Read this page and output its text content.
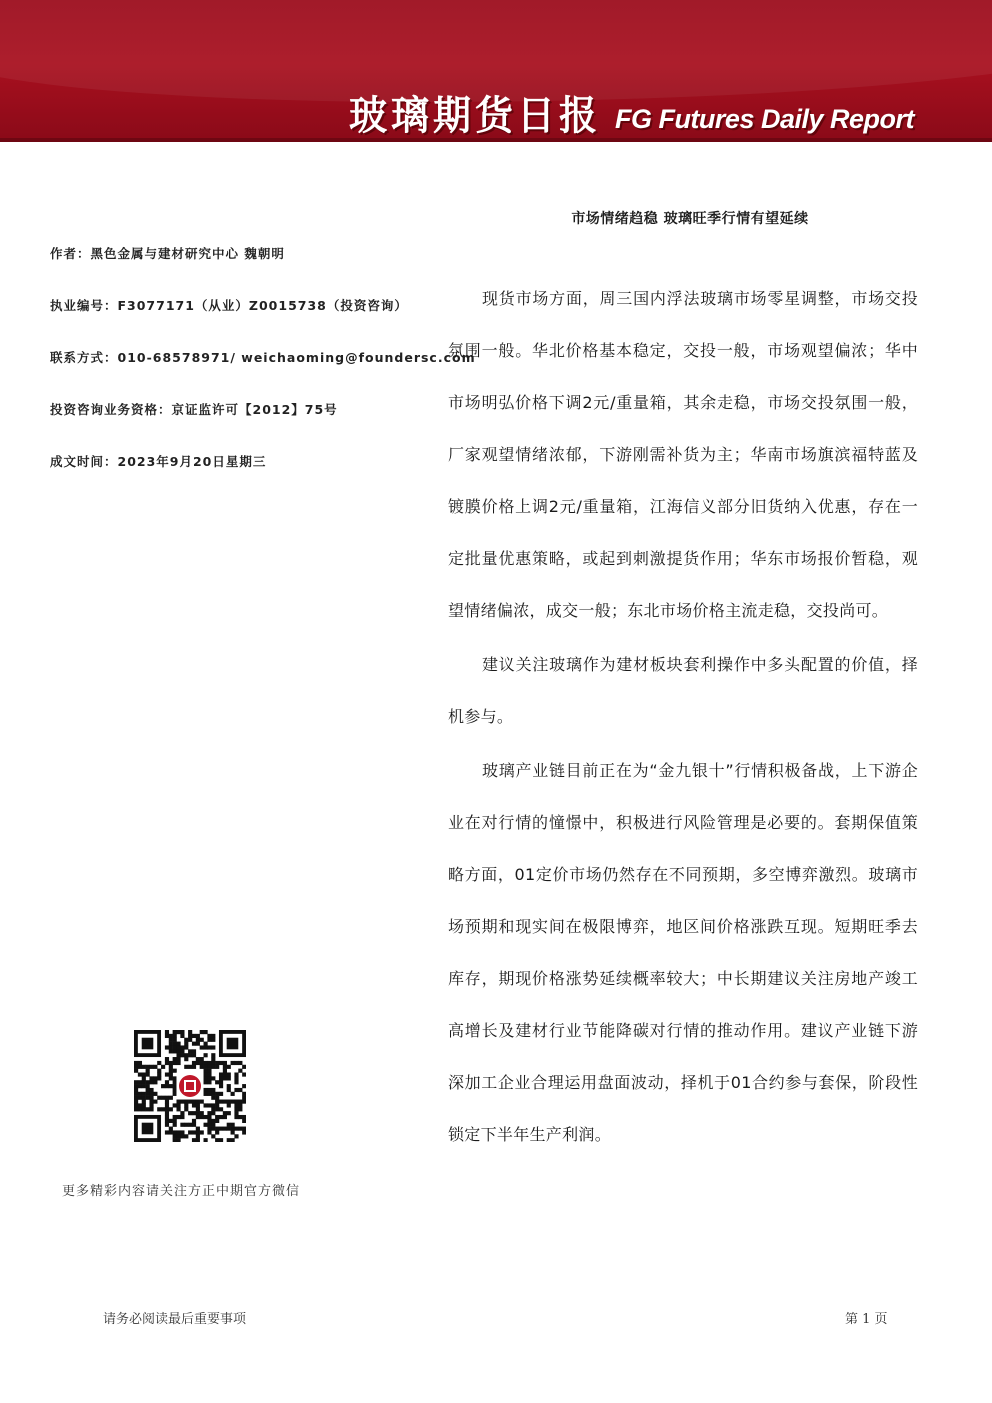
玻璃期货日报 FG Futures Daily Report
作者：黑色金属与建材研究中心 魏朝明
执业编号：F3077171（从业）Z0015738（投资咨询）
联系方式：010-68578971/ weichaoming@foundersc.com
投资咨询业务资格：京证监许可【2012】75号
成文时间：2023年9月20日星期三
更多精彩内容请关注方正中期官方微信
市场情绪趋稳 玻璃旺季行情有望延续

现货市场方面，周三国内浮法玻璃市场零星调整，市场交投氛围一般。华北价格基本稳定，交投一般，市场观望偏浓；华中市场明弘价格下调2元/重量箱，其余走稳，市场交投氛围一般，厂家观望情绪浓郁，下游刚需补货为主；华南市场旗滨福特蓝及镀膜价格上调2元/重量箱，江海信义部分旧货纳入优惠，存在一定批量优惠策略，或起到刺激提货作用；华东市场报价暂稳，观望情绪偏浓，成交一般；东北市场价格主流走稳，交投尚可。

建议关注玻璃作为建材板块套利操作中多头配置的价值，择机参与。

玻璃产业链目前正在为“金九银十”行情积极备战，上下游企业在对行情的憧憬中，积极进行风险管理是必要的。套期保值策略方面，01定价市场仍然存在不同预期，多空博弈激烈。玻璃市场预期和现实间在极限博弈，地区间价格涨跌互现。短期旺季去库存，期现价格涨势延续概率较大；中长期建议关注房地产竣工高增长及建材行业节能降碳对行情的推动作用。建议产业链下游深加工企业合理运用盘面波动，择机于01合约参与套保，阶段性锁定下半年生产利润。

请务必阅读最后重要事项	第 1 页
